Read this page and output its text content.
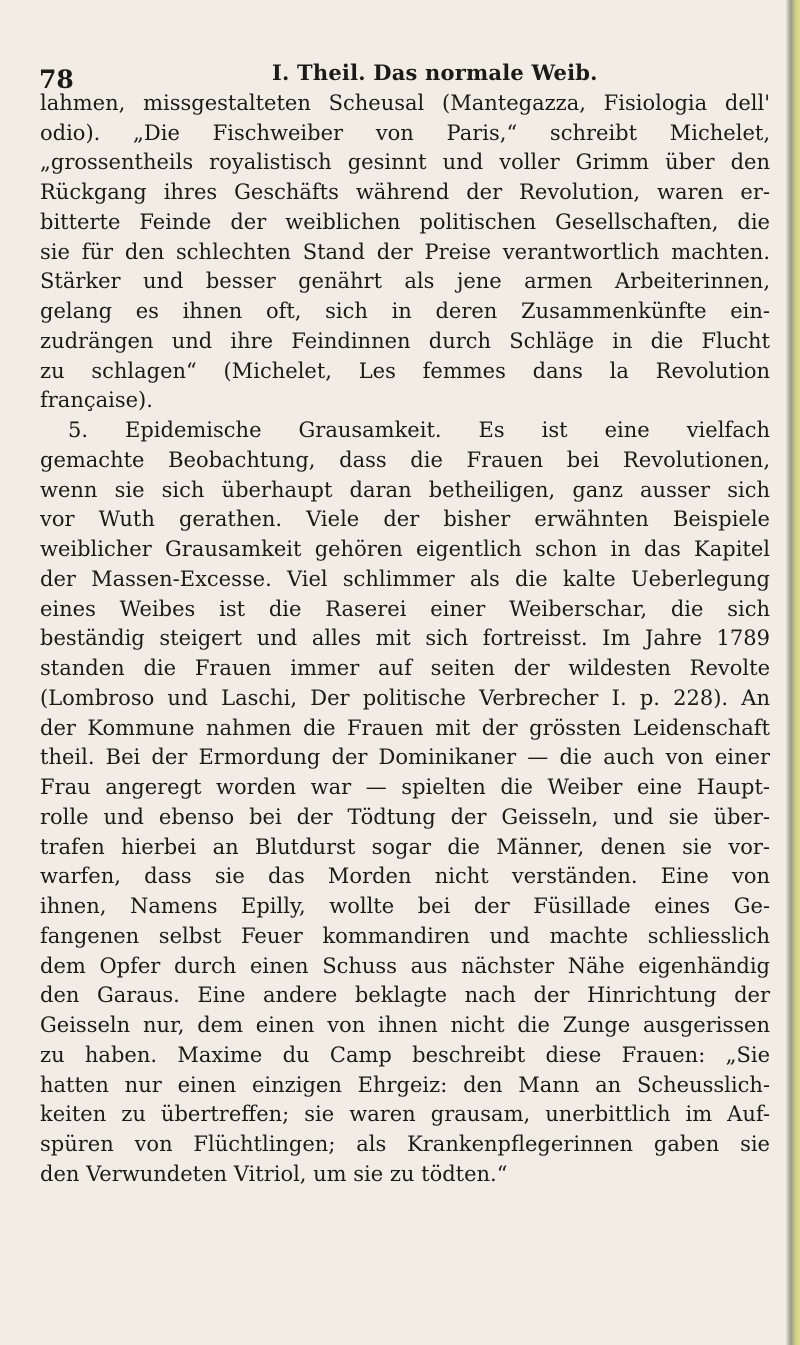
78	I. Theil. Das normale Weib.
lahmen, missgestalteten Scheusal (Mantegazza, Fisiologia dell'
odio). „Die Fischweiber von Paris,“ schreibt Michelet,
„grossentheils royalistisch gesinnt und voller Grimm über den
Rückgang ihres Geschäfts während der Revolution, waren er-
bitterte Feinde der weiblichen politischen Gesellschaften, die
sie für den schlechten Stand der Preise verantwortlich machten.
Stärker und besser genährt als jene armen Arbeiterinnen,
gelang es ihnen oft, sich in deren Zusammenkünfte ein-
zudrängen und ihre Feindinnen durch Schläge in die Flucht
zu schlagen“ (Michelet, Les femmes dans la Revolution
française).
5. Epidemische Grausamkeit. Es ist eine vielfach
gemachte Beobachtung, dass die Frauen bei Revolutionen,
wenn sie sich überhaupt daran betheiligen, ganz ausser sich
vor Wuth gerathen. Viele der bisher erwähnten Beispiele
weiblicher Grausamkeit gehören eigentlich schon in das Kapitel
der Massen-Excesse. Viel schlimmer als die kalte Ueberlegung
eines Weibes ist die Raserei einer Weiberschar, die sich
beständig steigert und alles mit sich fortreisst. Im Jahre 1789
standen die Frauen immer auf seiten der wildesten Revolte
(Lombroso und Laschi, Der politische Verbrecher I. p. 228). An
der Kommune nahmen die Frauen mit der grössten Leidenschaft
theil. Bei der Ermordung der Dominikaner — die auch von einer
Frau angeregt worden war — spielten die Weiber eine Haupt-
rolle und ebenso bei der Tödtung der Geisseln, und sie über-
trafen hierbei an Blutdurst sogar die Männer, denen sie vor-
warfen, dass sie das Morden nicht verständen. Eine von
ihnen, Namens Epilly, wollte bei der Füsillade eines Ge-
fangenen selbst Feuer kommandiren und machte schliesslich
dem Opfer durch einen Schuss aus nächster Nähe eigenhändig
den Garaus. Eine andere beklagte nach der Hinrichtung der
Geisseln nur, dem einen von ihnen nicht die Zunge ausgerissen
zu haben. Maxime du Camp beschreibt diese Frauen: „Sie
hatten nur einen einzigen Ehrgeiz: den Mann an Scheusslich-
keiten zu übertreffen; sie waren grausam, unerbittlich im Auf-
spüren von Flüchtlingen; als Krankenpflegerinnen gaben sie
den Verwundeten Vitriol, um sie zu tödten.“
